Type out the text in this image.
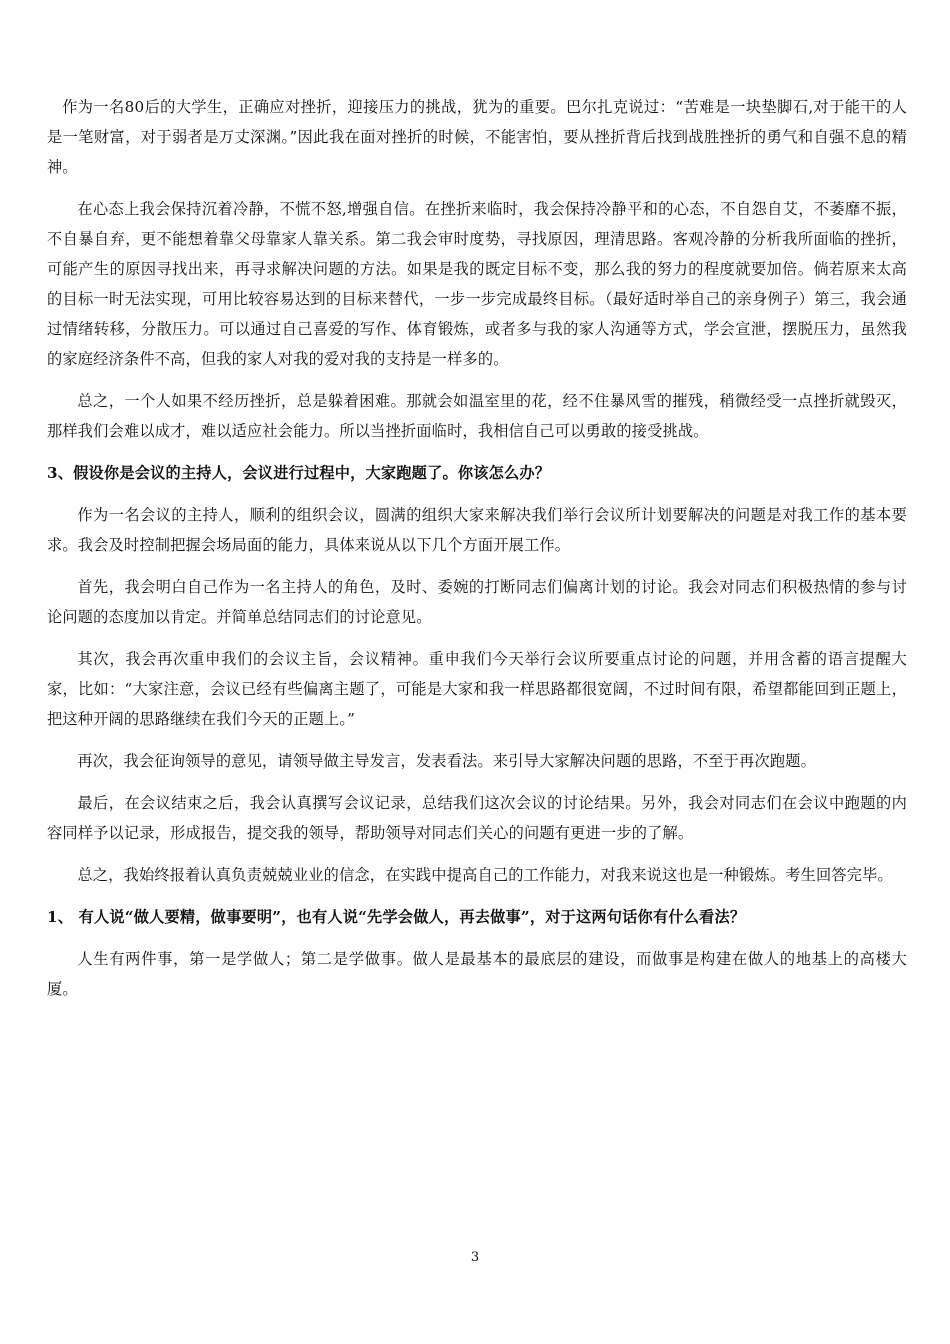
作为一名80后的大学生，正确应对挫折，迎接压力的挑战，犹为的重要。巴尔扎克说过：“苦难是一块垫脚石,对于能干的人是一笔财富，对于弱者是万丈深渊。”因此我在面对挫折的时候，不能害怕，要从挫折背后找到战胜挫折的勇气和自强不息的精神。

在心态上我会保持沉着冷静，不慌不怒,增强自信。在挫折来临时，我会保持冷静平和的心态，不自怨自艾，不萎靡不振，不自暴自弃，更不能想着靠父母靠家人靠关系。第二我会审时度势，寻找原因，理清思路。客观冷静的分析我所面临的挫折，可能产生的原因寻找出来，再寻求解决问题的方法。如果是我的既定目标不变，那么我的努力的程度就要加倍。倘若原来太高的目标一时无法实现，可用比较容易达到的目标来替代，一步一步完成最终目标。（最好适时举自己的亲身例子）第三，我会通过情绪转移，分散压力。可以通过自己喜爱的写作、体育锻炼，或者多与我的家人沟通等方式，学会宣泄，摆脱压力，虽然我的家庭经济条件不高，但我的家人对我的爱对我的支持是一样多的。

总之，一个人如果不经历挫折，总是躲着困难。那就会如温室里的花，经不住暴风雪的摧残，稍微经受一点挫折就毁灭，那样我们会难以成才，难以适应社会能力。所以当挫折面临时，我相信自己可以勇敢的接受挑战。

3、假设你是会议的主持人，会议进行过程中，大家跑题了。你该怎么办？

作为一名会议的主持人，顺利的组织会议，圆满的组织大家来解决我们举行会议所计划要解决的问题是对我工作的基本要求。我会及时控制把握会场局面的能力，具体来说从以下几个方面开展工作。

首先，我会明白自己作为一名主持人的角色，及时、委婉的打断同志们偏离计划的讨论。我会对同志们积极热情的参与讨论问题的态度加以肯定。并简单总结同志们的讨论意见。

其次，我会再次重申我们的会议主旨，会议精神。重申我们今天举行会议所要重点讨论的问题，并用含蓄的语言提醒大家，比如：“大家注意，会议已经有些偏离主题了，可能是大家和我一样思路都很宽阔，不过时间有限，希望都能回到正题上，把这种开阔的思路继续在我们今天的正题上。”

再次，我会征询领导的意见，请领导做主导发言，发表看法。来引导大家解决问题的思路，不至于再次跑题。

最后，在会议结束之后，我会认真撰写会议记录，总结我们这次会议的讨论结果。另外，我会对同志们在会议中跑题的内容同样予以记录，形成报告，提交我的领导，帮助领导对同志们关心的问题有更进一步的了解。

总之，我始终报着认真负责兢兢业业的信念，在实践中提高自己的工作能力，对我来说这也是一种锻炼。考生回答完毕。

1、 有人说“做人要精，做事要明”，也有人说“先学会做人，再去做事”，对于这两句话你有什么看法？

人生有两件事，第一是学做人；第二是学做事。做人是最基本的最底层的建设，而做事是构建在做人的地基上的高楼大厦。

3
